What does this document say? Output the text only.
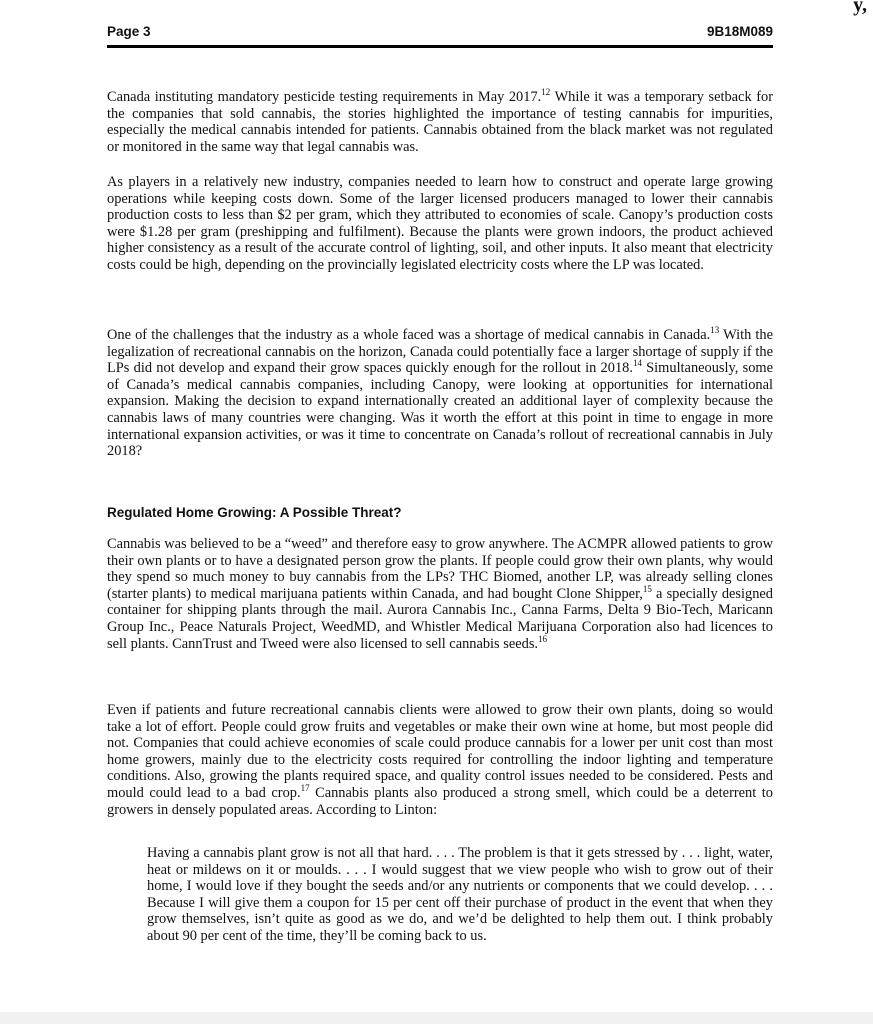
y,
Page 3	9B18M089
Canada instituting mandatory pesticide testing requirements in May 2017.12 While it was a temporary setback for the companies that sold cannabis, the stories highlighted the importance of testing cannabis for impurities, especially the medical cannabis intended for patients. Cannabis obtained from the black market was not regulated or monitored in the same way that legal cannabis was.
As players in a relatively new industry, companies needed to learn how to construct and operate large growing operations while keeping costs down. Some of the larger licensed producers managed to lower their cannabis production costs to less than $2 per gram, which they attributed to economies of scale. Canopy’s production costs were $1.28 per gram (preshipping and fulfilment). Because the plants were grown indoors, the product achieved higher consistency as a result of the accurate control of lighting, soil, and other inputs. It also meant that electricity costs could be high, depending on the provincially legislated electricity costs where the LP was located.
One of the challenges that the industry as a whole faced was a shortage of medical cannabis in Canada.$^{13}$ With the legalization of recreational cannabis on the horizon, Canada could potentially face a larger shortage of supply if the LPs did not develop and expand their grow spaces quickly enough for the rollout in 2018.14 Simultaneously, some of Canada’s medical cannabis companies, including Canopy, were looking at opportunities for international expansion. Making the decision to expand internationally created an additional layer of complexity because the cannabis laws of many countries were changing. Was it worth the effort at this point in time to engage in more international expansion activities, or was it time to concentrate on Canada’s rollout of recreational cannabis in July 2018?
Regulated Home Growing: A Possible Threat?
Cannabis was believed to be a “weed” and therefore easy to grow anywhere. The ACMPR allowed patients to grow their own plants or to have a designated person grow the plants. If people could grow their own plants, why would they spend so much money to buy cannabis from the LPs? THC Biomed, another LP, was already selling clones (starter plants) to medical marijuana patients within Canada, and had bought Clone Shipper,$^{15}$ a specially designed container for shipping plants through the mail. Aurora Cannabis Inc., Canna Farms, Delta 9 Bio-Tech, Maricann Group Inc., Peace Naturals Project, WeedMD, and Whistler Medical Marijuana Corporation also had licences to sell plants. CannTrust and Tweed were also licensed to sell cannabis seeds.$^{16}$
Even if patients and future recreational cannabis clients were allowed to grow their own plants, doing so would take a lot of effort. People could grow fruits and vegetables or make their own wine at home, but most people did not. Companies that could achieve economies of scale could produce cannabis for a lower per unit cost than most home growers, mainly due to the electricity costs required for controlling the indoor lighting and temperature conditions. Also, growing the plants required space, and quality control issues needed to be considered. Pests and mould could lead to a bad crop.$^{17}$ Cannabis plants also produced a strong smell, which could be a deterrent to growers in densely populated areas. According to Linton:
Having a cannabis plant grow is not all that hard. . . . The problem is that it gets stressed by . . . light, water, heat or mildews on it or moulds. . . . I would suggest that we view people who wish to grow out of their home, I would love if they bought the seeds and/or any nutrients or components that we could develop. . . . Because I will give them a coupon for 15 per cent off their purchase of product in the event that when they grow themselves, isn’t quite as good as we do, and we’d be delighted to help them out. I think probably about 90 per cent of the time, they’ll be coming back to us.
